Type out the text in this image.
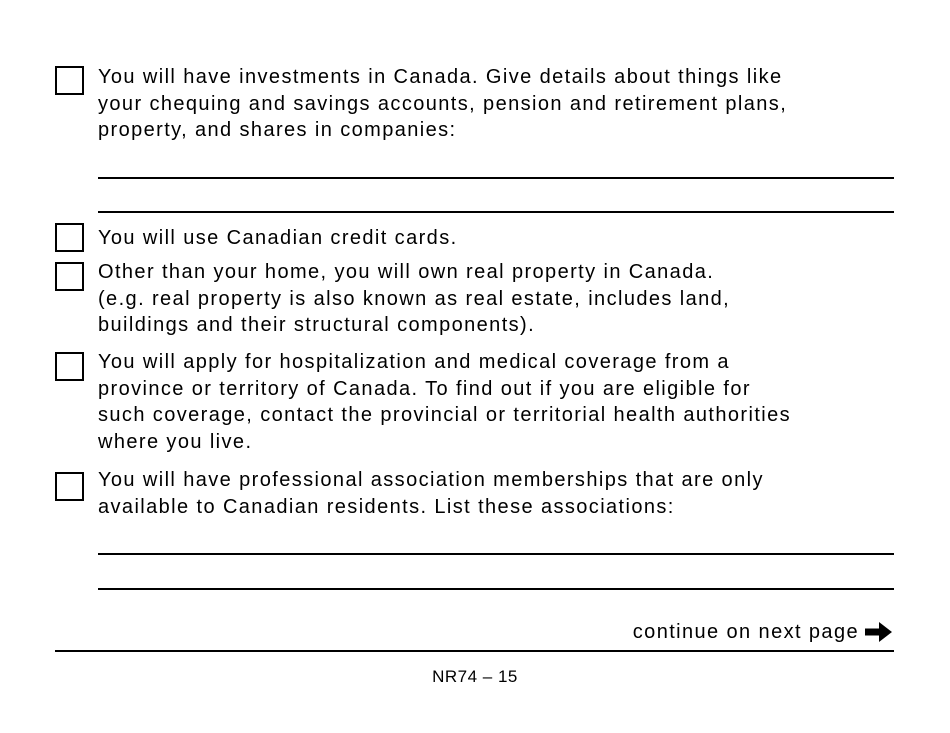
You will have investments in Canada. Give details about things like
your chequing and savings accounts, pension and retirement plans,
property, and shares in companies:

You will use Canadian credit cards.

Other than your home, you will own real property in Canada.
(e.g. real property is also known as real estate, includes land,
buildings and their structural components).

You will apply for hospitalization and medical coverage from a
province or territory of Canada. To find out if you are eligible for
such coverage, contact the provincial or territorial health authorities
where you live.

You will have professional association memberships that are only
available to Canadian residents. List these associations:

continue on next page
NR74 – 15
